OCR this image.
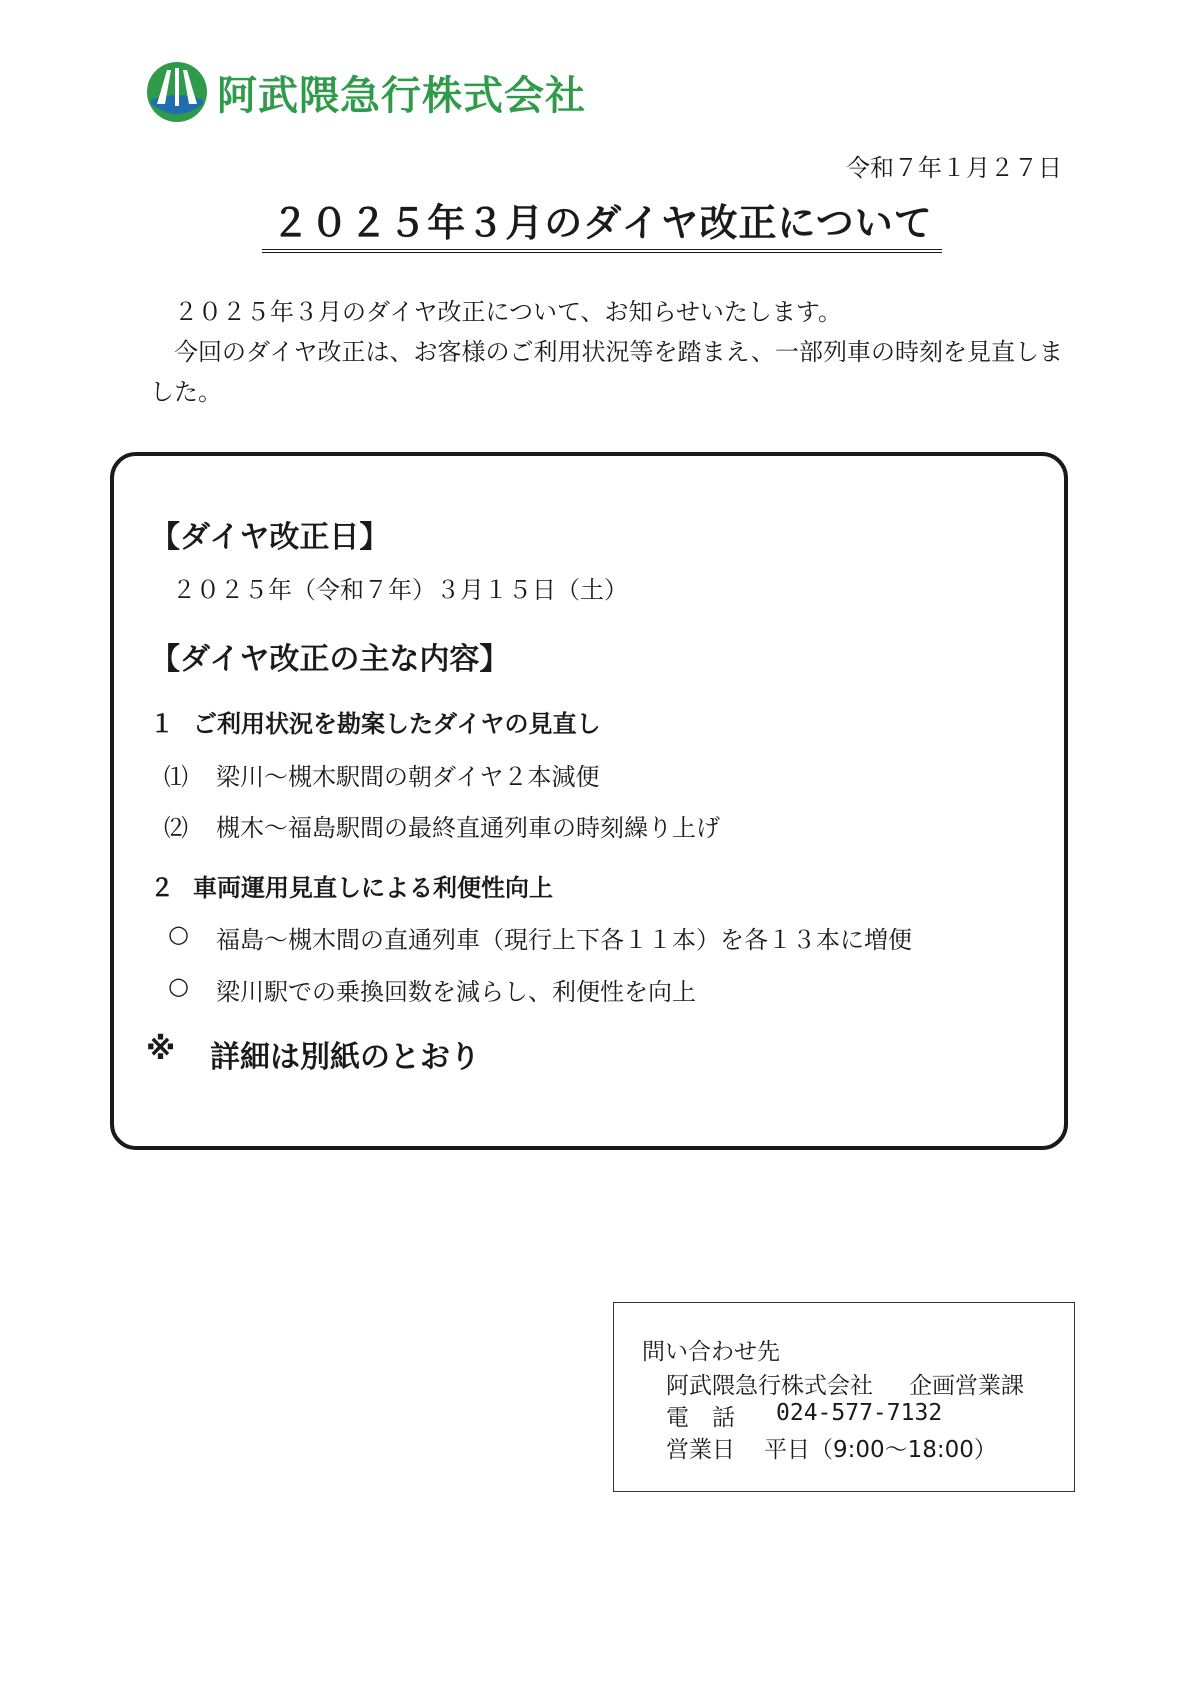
阿武隈急行株式会社
令和７年１月２７日
２０２５年３月のダイヤ改正について

２０２５年３月のダイヤ改正について、お知らせいたします。

今回のダイヤ改正は、お客様のご利用状況等を踏まえ、一部列車の時刻を見直しました。

【ダイヤ改正日】
２０２５年（令和７年）３月１５日（土）
【ダイヤ改正の主な内容】
１ ご利用状況を勘案したダイヤの見直し
⑴ 梁川～槻木駅間の朝ダイヤ２本減便
⑵ 槻木～福島駅間の最終直通列車の時刻繰り上げ
２ 車両運用見直しによる利便性向上
○ 福島～槻木間の直通列車（現行上下各１１本）を各１３本に増便
○ 梁川駅での乗換回数を減らし、利便性を向上
※ 詳細は別紙のとおり
問い合わせ先
阿武隈急行株式会社 企画営業課
電　話 024-577-7132
営業日 平日（9:00～18:00）
